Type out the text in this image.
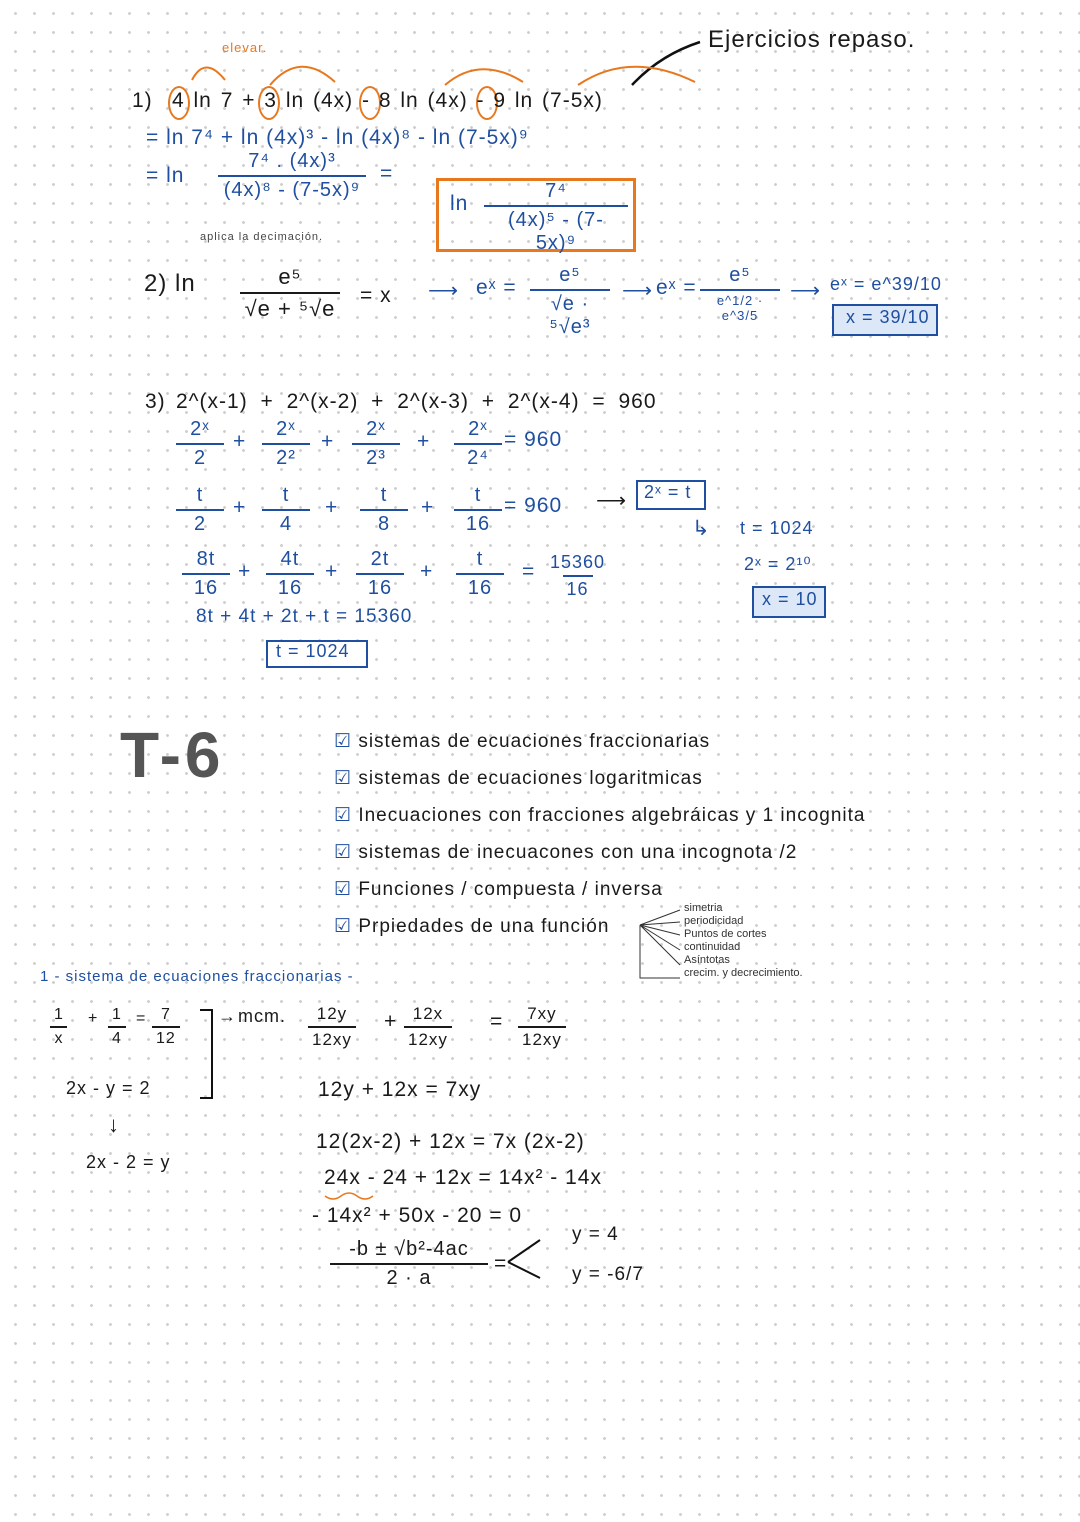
Ejercicios repaso.
elevar.
1) 4 ln 7 + 3 ln (4x) - 8 ln (4x) - 9 ln (7-5x)
= ln 7⁴ + ln (4x)³ - ln (4x)⁸ - ln (7-5x)⁹
= $\ln \frac{\text{7⁴ . (4x)³}}{\text{(4x)⁸ - (7-5x)⁹}}$ =
$\ln \frac{\text{7⁴}}{\text{(4x)⁵ - (7-5x)⁹}}$
aplica la decimación.
2) $\ln \frac{\text{e⁵}}{\text{√e + ⁵√e}} = x$ ⟶ eˣ = $\frac{\text{e⁵}}{\text{√e · ⁵√e³}}$ ⟶ eˣ =
e⁵
e^1/2 · e^3/5
⟶ eˣ = e^39/10
x = 39/10
3) 2^(x-1) + 2^(x-2) + 2^(x-3) + 2^(x-4) = 960
$\frac{\text{2ˣ}}{2} + \frac{\text{2ˣ}}{\text{2²}} + \frac{\text{2ˣ}}{\text{2³}} + \frac{\text{2ˣ}}{\text{2⁴}} = 960$
$\frac{t}{2} + \frac{t}{4} + \frac{t}{8} + \frac{t}{16} = 960$ ⟶ 2ˣ = t
↳ t = 1024
2ˣ = 2¹⁰
x = 10
$\frac{8t}{16} + \frac{4t}{16} + \frac{2t}{16} + \frac{t}{16} = \frac{15360}{16}$
8t + 4t + 2t + t = 15360
t = 1024
T-6	☑ sistemas de ecuaciones fraccionarias
☑ sistemas de ecuaciones logaritmicas
☑ Inecuaciones con fracciones algebráicas y 1 incognita
☑ sistemas de inecuacones con una incognota /2
☑ Funciones / compuesta / inversa
☑ Prpiedades de una función
simetria
periodicidad
Puntos de cortes
continuidad
Asíntotas
crecim. y decrecimiento.
1 - sistema de ecuaciones fraccionarias -
$\frac{1}{x} + \frac{1}{4} = \frac{7}{12}$
2x - y = 2
↓
2x - 2 = y
→ mcm. $\frac{12y}{12xy} + \frac{12x}{12xy} = \frac{7xy}{12xy}$
12y + 12x = 7xy
12(2x-2) + 12x = 7x (2x-2)
24x - 24 + 12x = 14x² - 14x
- 14x² + 50x - 20 = 0
$\frac{\text{-b ± √b²-4ac}}{2 \cdot a}$ =
y = 4
y = -6/7
